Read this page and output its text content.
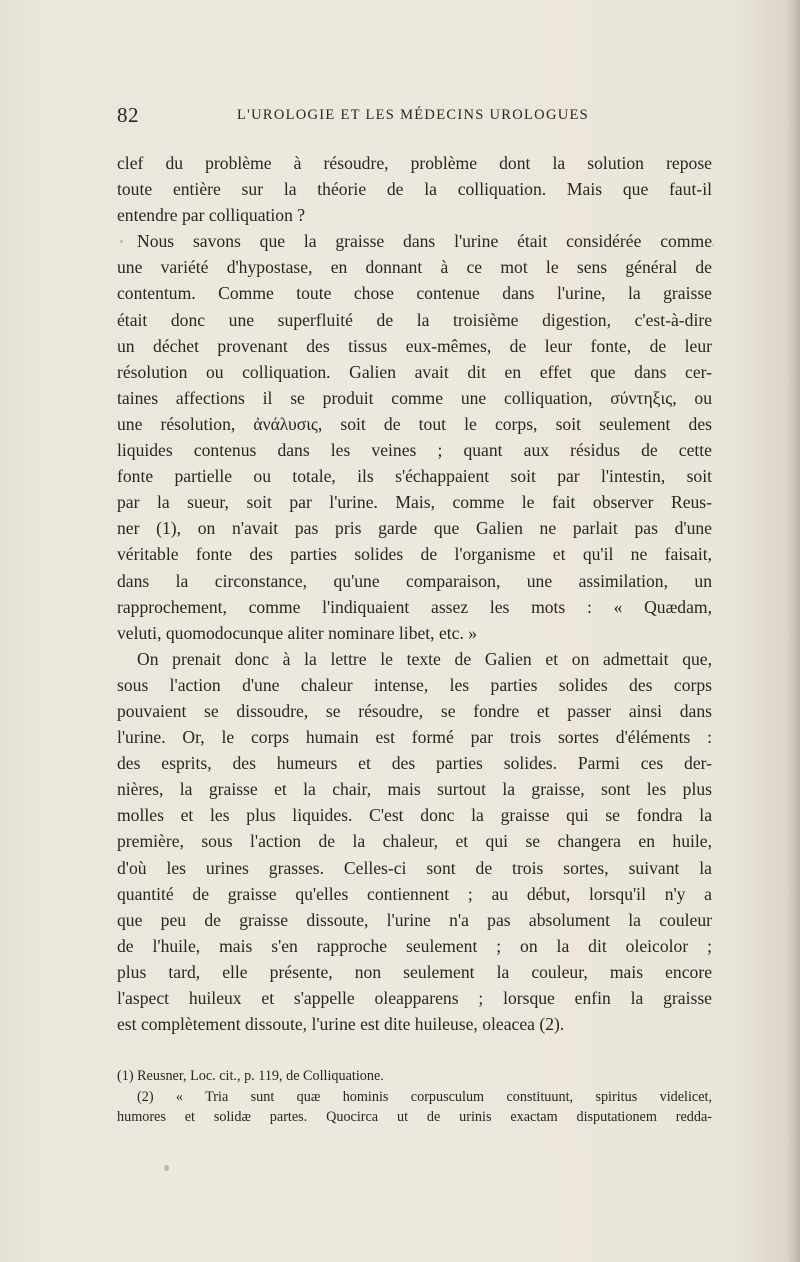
82	L'UROLOGIE ET LES MÉDECINS UROLOGUES
clef du problème à résoudre, problème dont la solution repose
toute entière sur la théorie de la colliquation. Mais que faut-il
entendre par colliquation ?
Nous savons que la graisse dans l'urine était considérée comme
une variété d'hypostase, en donnant à ce mot le sens général de
contentum. Comme toute chose contenue dans l'urine, la graisse
était donc une superfluité de la troisième digestion, c'est-à-dire
un déchet provenant des tissus eux-mêmes, de leur fonte, de leur
résolution ou colliquation. Galien avait dit en effet que dans cer-
taines affections il se produit comme une colliquation, σύντηξις, ou
une résolution, ἀνάλυσις, soit de tout le corps, soit seulement des
liquides contenus dans les veines ; quant aux résidus de cette
fonte partielle ou totale, ils s'échappaient soit par l'intestin, soit
par la sueur, soit par l'urine. Mais, comme le fait observer Reus-
ner (1), on n'avait pas pris garde que Galien ne parlait pas d'une
véritable fonte des parties solides de l'organisme et qu'il ne faisait,
dans la circonstance, qu'une comparaison, une assimilation, un
rapprochement, comme l'indiquaient assez les mots : « Quædam,
veluti, quomodocunque aliter nominare libet, etc. »
On prenait donc à la lettre le texte de Galien et on admettait que,
sous l'action d'une chaleur intense, les parties solides des corps
pouvaient se dissoudre, se résoudre, se fondre et passer ainsi dans
l'urine. Or, le corps humain est formé par trois sortes d'éléments :
des esprits, des humeurs et des parties solides. Parmi ces der-
nières, la graisse et la chair, mais surtout la graisse, sont les plus
molles et les plus liquides. C'est donc la graisse qui se fondra la
première, sous l'action de la chaleur, et qui se changera en huile,
d'où les urines grasses. Celles-ci sont de trois sortes, suivant la
quantité de graisse qu'elles contiennent ; au début, lorsqu'il n'y a
que peu de graisse dissoute, l'urine n'a pas absolument la couleur
de l'huile, mais s'en rapproche seulement ; on la dit oleicolor ;
plus tard, elle présente, non seulement la couleur, mais encore
l'aspect huileux et s'appelle oleapparens ; lorsque enfin la graisse
est complètement dissoute, l'urine est dite huileuse, oleacea (2).
(1) Reusner, Loc. cit., p. 119, de Colliquatione.
(2) « Tria sunt quæ hominis corpusculum constituunt, spiritus videlicet,
humores et solidæ partes. Quocirca ut de urinis exactam disputationem redda-
